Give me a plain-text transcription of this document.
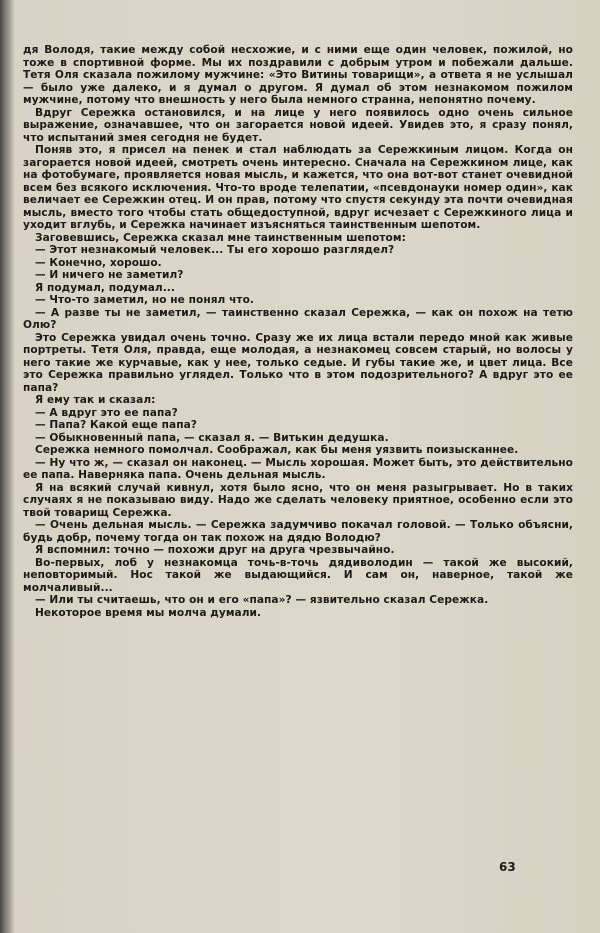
дя Володя, такие между собой несхожие, и с ними еще один человек, пожилой, но тоже в спортивной форме. Мы их поздравили с добрым утром и побежали дальше. Тетя Оля сказала пожилому мужчине: «Это Витины товарищи», а ответа я не услышал — было уже далеко, и я думал о другом. Я думал об этом незнакомом пожилом мужчине, потому что внешность у него была немного странна, непонятно почему.

Вдруг Сережка остановился, и на лице у него появилось одно очень сильное выражение, означавшее, что он загорается новой идеей. Увидев это, я сразу понял, что испытаний змея сегодня не будет.

Поняв это, я присел на пенек и стал наблюдать за Сережкиным лицом. Когда он загорается новой идеей, смотреть очень интересно. Сначала на Сережкином лице, как на фотобумаге, проявляется новая мысль, и кажется, что она вот-вот станет очевидной всем без всякого исключения. Что-то вроде телепатии, «псевдонауки номер один», как величает ее Сережкин отец. И он прав, потому что спустя секунду эта почти очевидная мысль, вместо того чтобы стать общедоступной, вдруг исчезает с Сережкиного лица и уходит вглубь, и Сережка начинает изъясняться таинственным шепотом.

Заговевшись, Сережка сказал мне таинственным шепотом:

— Этот незнакомый человек... Ты его хорошо разглядел?

— Конечно, хорошо.

— И ничего не заметил?

Я подумал, подумал...

— Что-то заметил, но не понял что.

— А разве ты не заметил, — таинственно сказал Сережка, — как он похож на тетю Олю?

Это Сережка увидал очень точно. Сразу же их лица встали передо мной как живые портреты. Тетя Оля, правда, еще молодая, а незнакомец совсем старый, но волосы у него такие же курчавые, как у нее, только седые. И губы такие же, и цвет лица. Все это Сережка правильно углядел. Только что в этом подозрительного? А вдруг это ее папа?

Я ему так и сказал:

— А вдруг это ее папа?

— Папа? Какой еще папа?

— Обыкновенный папа, — сказал я. — Витькин дедушка.

Сережка немного помолчал. Соображал, как бы меня уязвить поизысканнее.

— Ну что ж, — сказал он наконец. — Мысль хорошая. Может быть, это действительно ее папа. Наверняка папа. Очень дельная мысль.

Я на всякий случай кивнул, хотя было ясно, что он меня разыгрывает. Но в таких случаях я не показываю виду. Надо же сделать человеку приятное, особенно если это твой товарищ Сережка.

— Очень дельная мысль. — Сережка задумчиво покачал головой. — Только объясни, будь добр, почему тогда он так похож на дядю Володю?

Я вспомнил: точно — похожи друг на друга чрезвычайно.

Во-первых, лоб у незнакомца точь-в-точь дядиволодин — такой же высокий, неповторимый. Нос такой же выдающийся. И сам он, наверное, такой же молчаливый...

— Или ты считаешь, что он и его «папа»? — язвительно сказал Сережка.

Некоторое время мы молча думали.

63
